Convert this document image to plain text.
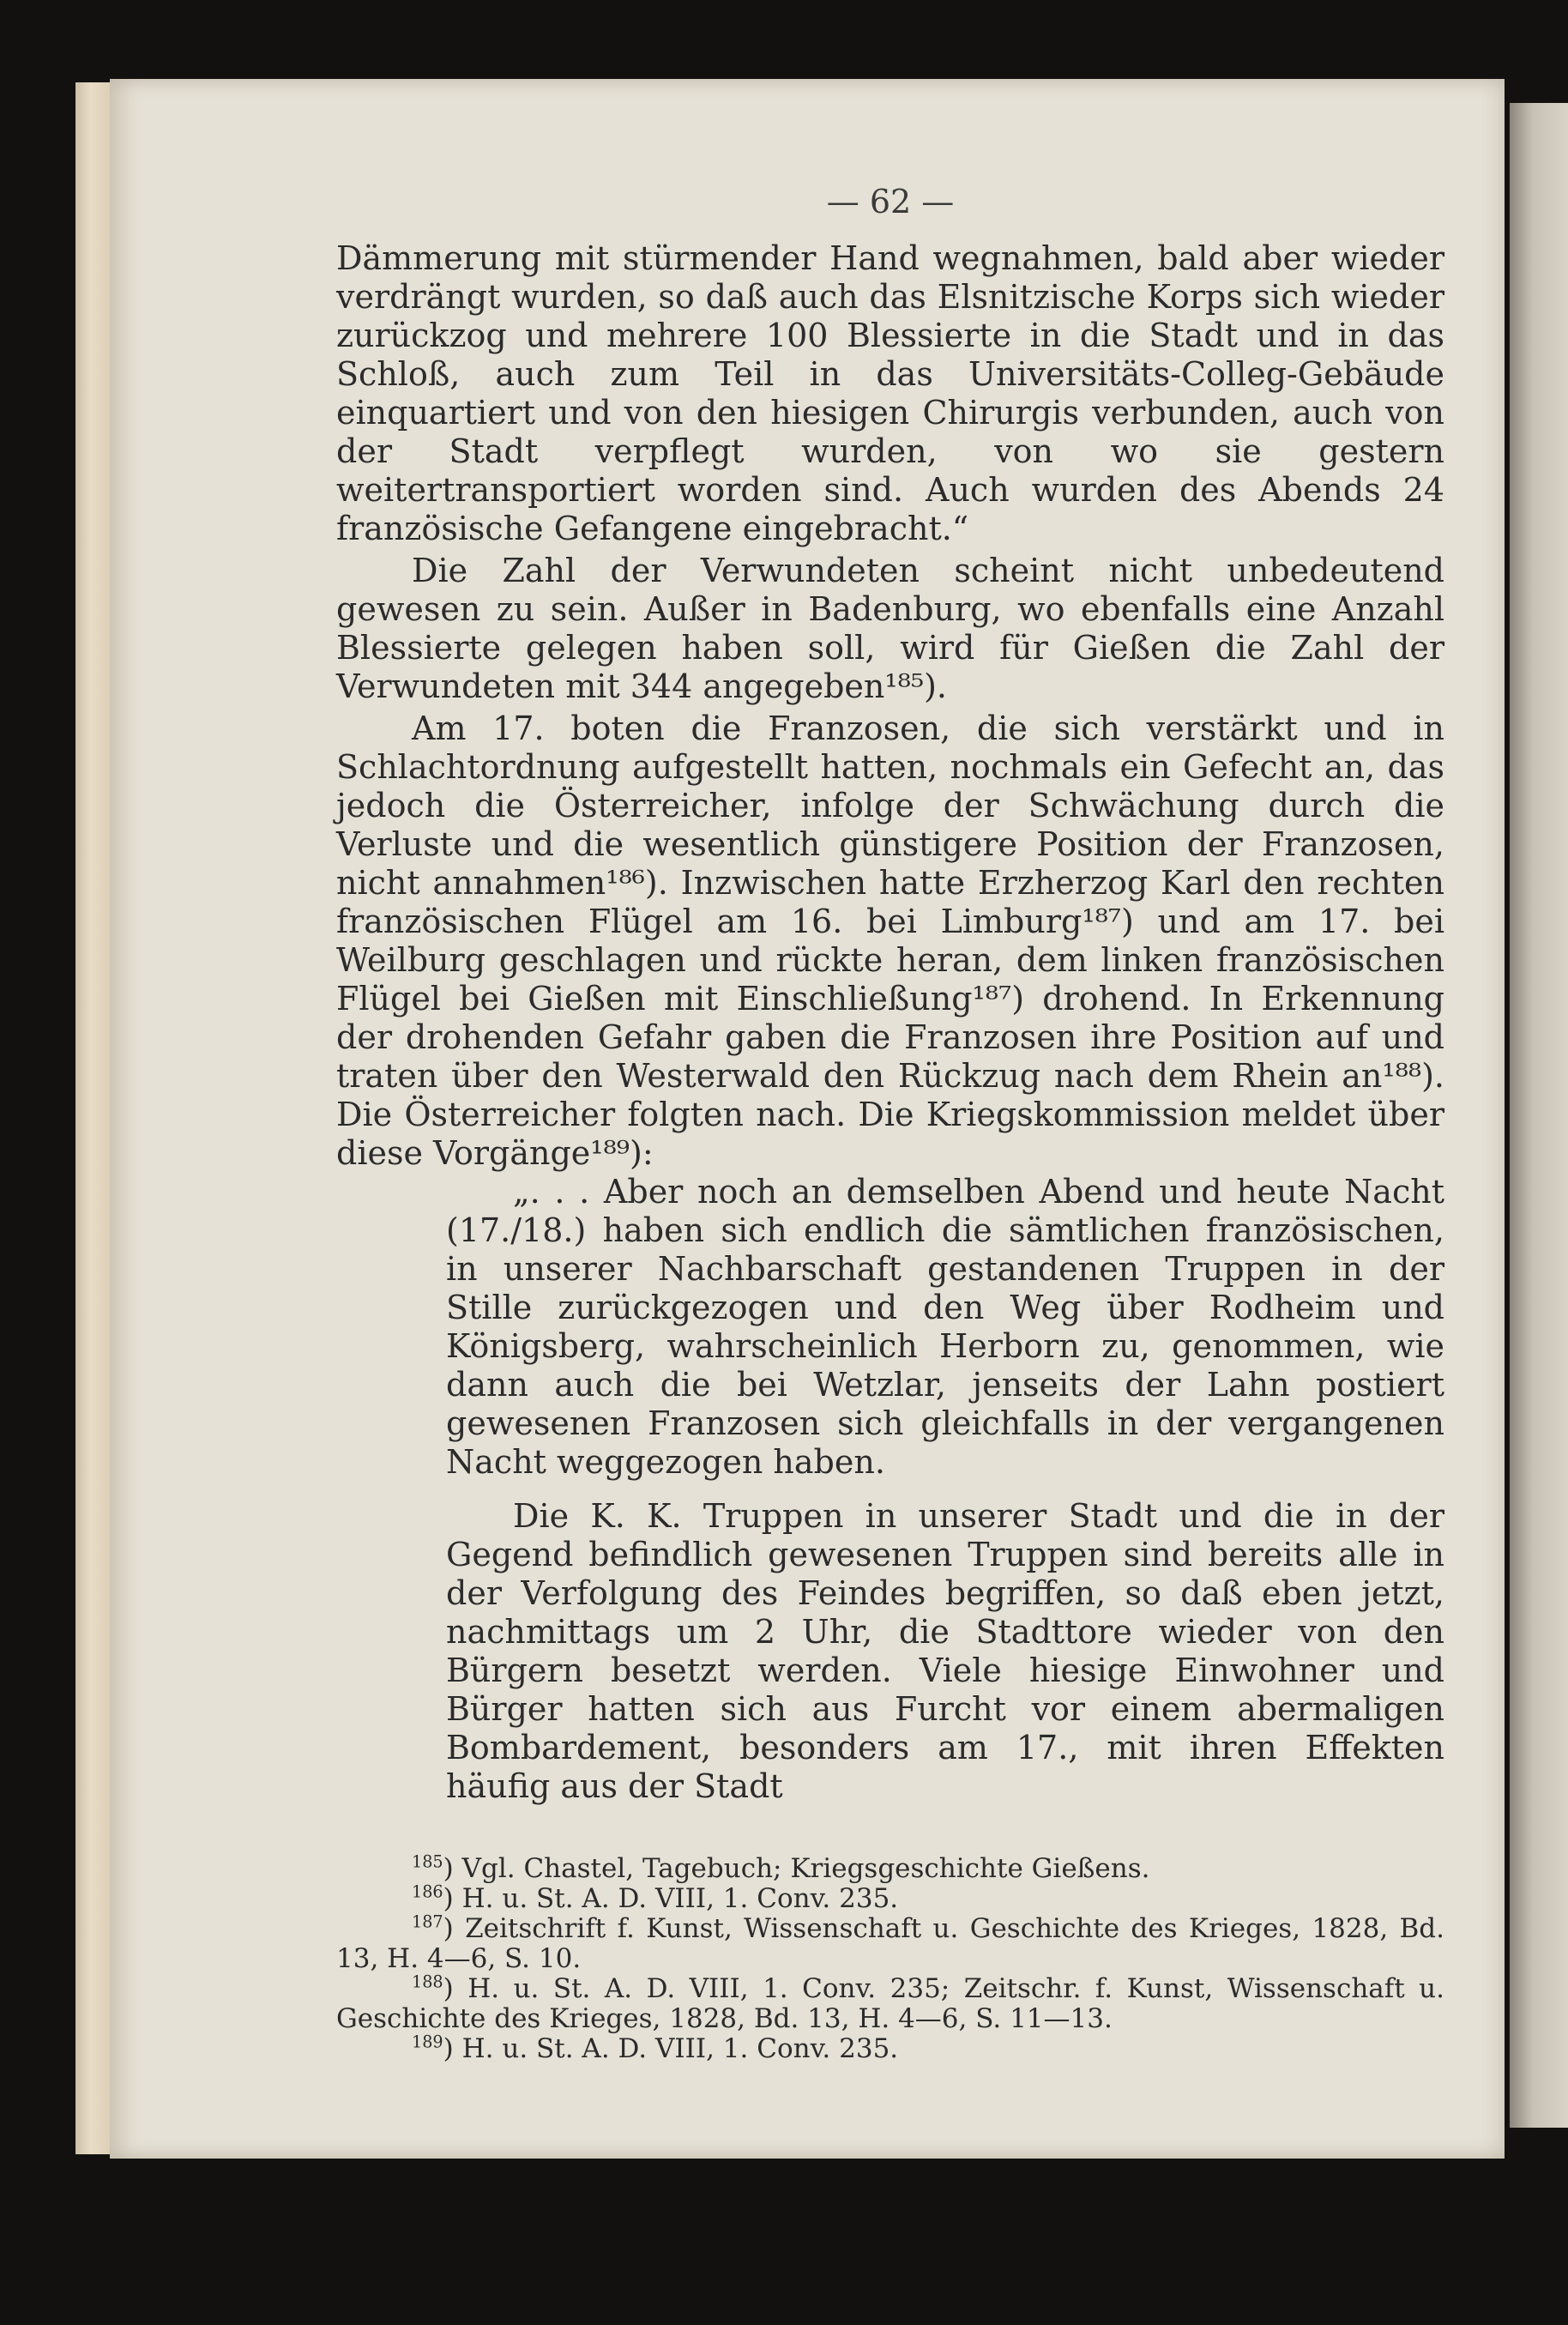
— 62 —

Dämmerung mit stürmender Hand wegnahmen, bald aber wieder verdrängt wurden, so daß auch das Elsnitzische Korps sich wieder zurückzog und mehrere 100 Blessierte in die Stadt und in das Schloß, auch zum Teil in das Universitäts-Colleg-Gebäude einquartiert und von den hiesigen Chirurgis verbunden, auch von der Stadt verpflegt wurden, von wo sie gestern weitertransportiert worden sind. Auch wurden des Abends 24 französische Gefangene eingebracht.“

Die Zahl der Verwundeten scheint nicht unbedeutend gewesen zu sein. Außer in Badenburg, wo ebenfalls eine Anzahl Blessierte gelegen haben soll, wird für Gießen die Zahl der Verwundeten mit 344 angegeben¹⁸⁵).

Am 17. boten die Franzosen, die sich verstärkt und in Schlachtordnung aufgestellt hatten, nochmals ein Gefecht an, das jedoch die Österreicher, infolge der Schwächung durch die Verluste und die wesentlich günstigere Position der Franzosen, nicht annahmen¹⁸⁶). Inzwischen hatte Erzherzog Karl den rechten französischen Flügel am 16. bei Limburg¹⁸⁷) und am 17. bei Weilburg geschlagen und rückte heran, dem linken französischen Flügel bei Gießen mit Einschließung¹⁸⁷) drohend. In Erkennung der drohenden Gefahr gaben die Franzosen ihre Position auf und traten über den Westerwald den Rückzug nach dem Rhein an¹⁸⁸). Die Österreicher folgten nach. Die Kriegskommission meldet über diese Vorgänge¹⁸⁹):

„. . . Aber noch an demselben Abend und heute Nacht (17./18.) haben sich endlich die sämtlichen französischen, in unserer Nachbarschaft gestandenen Truppen in der Stille zurückgezogen und den Weg über Rodheim und Königsberg, wahrscheinlich Herborn zu, genommen, wie dann auch die bei Wetzlar, jenseits der Lahn postiert gewesenen Franzosen sich gleichfalls in der vergangenen Nacht weggezogen haben.

Die K. K. Truppen in unserer Stadt und die in der Gegend befindlich gewesenen Truppen sind bereits alle in der Verfolgung des Feindes begriffen, so daß eben jetzt, nachmittags um 2 Uhr, die Stadttore wieder von den Bürgern besetzt werden. Viele hiesige Einwohner und Bürger hatten sich aus Furcht vor einem abermaligen Bombardement, besonders am 17., mit ihren Effekten häufig aus der Stadt

$^{185}$) Vgl. Chastel, Tagebuch; Kriegsgeschichte Gießens.

$^{186}$) H. u. St. A. D. VIII, 1. Conv. 235.

$^{187}$) Zeitschrift f. Kunst, Wissenschaft u. Geschichte des Krieges, 1828, Bd. 13, H. 4—6, S. 10.

$^{188}$) H. u. St. A. D. VIII, 1. Conv. 235; Zeitschr. f. Kunst, Wissenschaft u. Geschichte des Krieges, 1828, Bd. 13, H. 4—6, S. 11—13.

$^{189}$) H. u. St. A. D. VIII, 1. Conv. 235.
